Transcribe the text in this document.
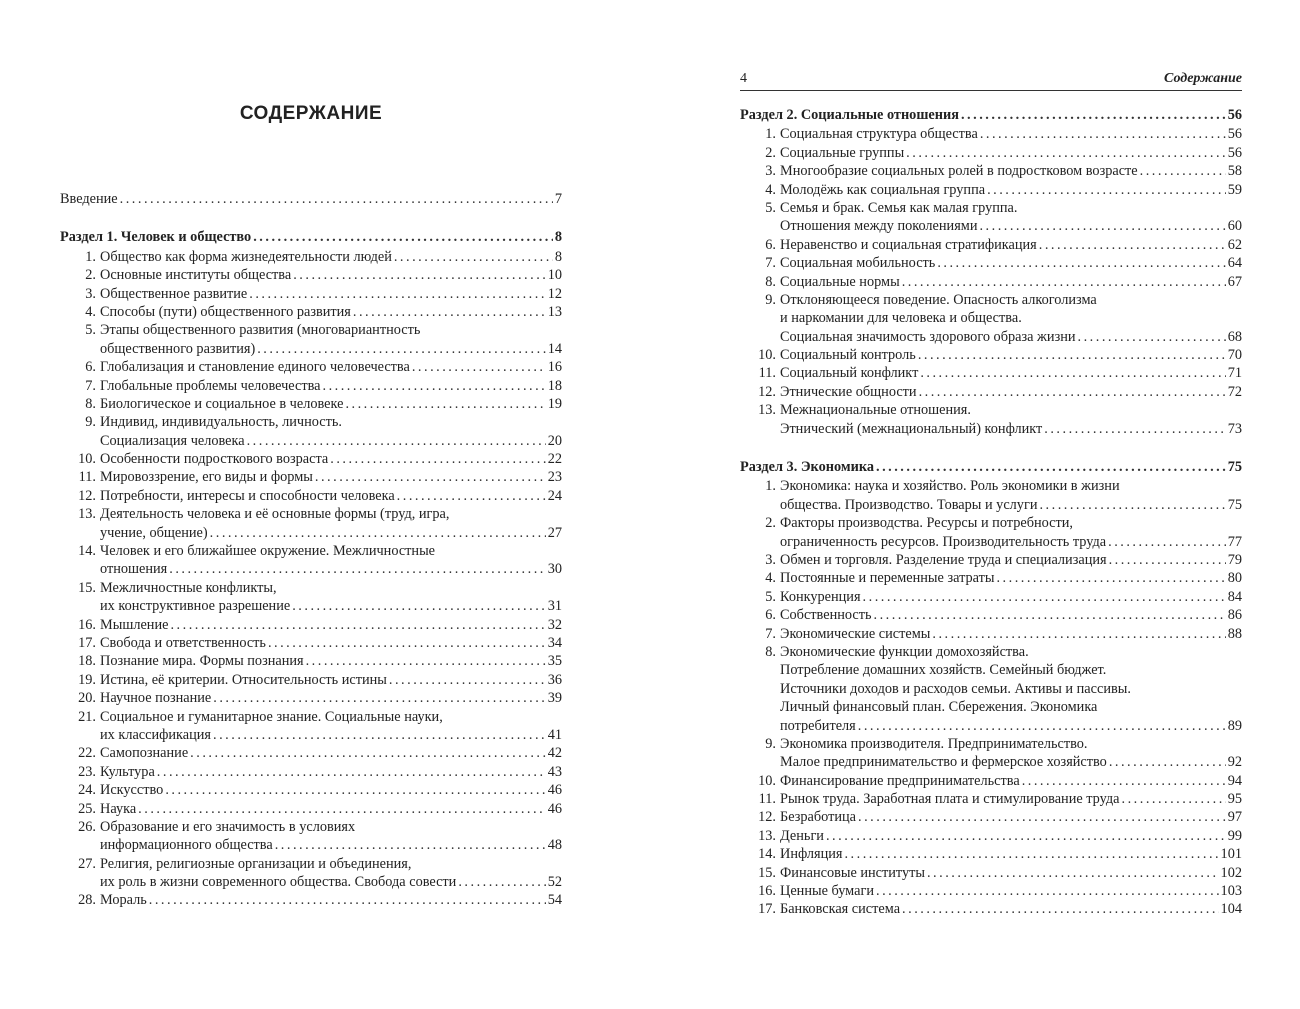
СОДЕРЖАНИЕ
Введение .....	7
Раздел 1. Человек и общество .....	8
1. Общество как форма жизнедеятельности людей .....	8
2. Основные институты общества .....	10
3. Общественное развитие .....	12
4. Способы (пути) общественного развития .....	13
5. Этапы общественного развития (многовариантность
общественного развития) .....	14
6. Глобализация и становление единого человечества .....	16
7. Глобальные проблемы человечества .....	18
8. Биологическое и социальное в человеке .....	19
9. Индивид, индивидуальность, личность.
Социализация человека .....	20
10. Особенности подросткового возраста .....	22
11. Мировоззрение, его виды и формы .....	23
12. Потребности, интересы и способности человека .....	24
13. Деятельность человека и её основные формы (труд, игра,
учение, общение) .....	27
14. Человек и его ближайшее окружение. Межличностные
отношения .....	30
15. Межличностные конфликты,
их конструктивное разрешение .....	31
16. Мышление .....	32
17. Свобода и ответственность .....	34
18. Познание мира. Формы познания .....	35
19. Истина, её критерии. Относительность истины .....	36
20. Научное познание .....	39
21. Социальное и гуманитарное знание. Социальные науки,
их классификация .....	41
22. Самопознание .....	42
23. Культура .....	43
24. Искусство .....	46
25. Наука .....	46
26. Образование и его значимость в условиях
информационного общества .....	48
27. Религия, религиозные организации и объединения,
их роль в жизни современного общества. Свобода совести .....	52
28. Мораль .....	54
4	Содержание
Раздел 2. Социальные отношения .....	56
1. Социальная структура общества .....	56
2. Социальные группы .....	56
3. Многообразие социальных ролей в подростковом возрасте .....	58
4. Молодёжь как социальная группа .....	59
5. Семья и брак. Семья как малая группа.
Отношения между поколениями .....	60
6. Неравенство и социальная стратификация .....	62
7. Социальная мобильность .....	64
8. Социальные нормы .....	67
9. Отклоняющееся поведение. Опасность алкоголизма
и наркомании для человека и общества.
Социальная значимость здорового образа жизни .....	68
10. Социальный контроль .....	70
11. Социальный конфликт .....	71
12. Этнические общности .....	72
13. Межнациональные отношения.
Этнический (межнациональный) конфликт .....	73
Раздел 3. Экономика .....	75
1. Экономика: наука и хозяйство. Роль экономики в жизни
общества. Производство. Товары и услуги .....	75
2. Факторы производства. Ресурсы и потребности,
ограниченность ресурсов. Производительность труда .....	77
3. Обмен и торговля. Разделение труда и специализация .....	79
4. Постоянные и переменные затраты .....	80
5. Конкуренция .....	84
6. Собственность .....	86
7. Экономические системы .....	88
8. Экономические функции домохозяйства.
Потребление домашних хозяйств. Семейный бюджет.
Источники доходов и расходов семьи. Активы и пассивы.
Личный финансовый план. Сбережения. Экономика
потребителя .....	89
9. Экономика производителя. Предпринимательство.
Малое предпринимательство и фермерское хозяйство .....	92
10. Финансирование предпринимательства .....	94
11. Рынок труда. Заработная плата и стимулирование труда .....	95
12. Безработица .....	97
13. Деньги .....	99
14. Инфляция .....	101
15. Финансовые институты .....	102
16. Ценные бумаги .....	103
17. Банковская система .....	104
